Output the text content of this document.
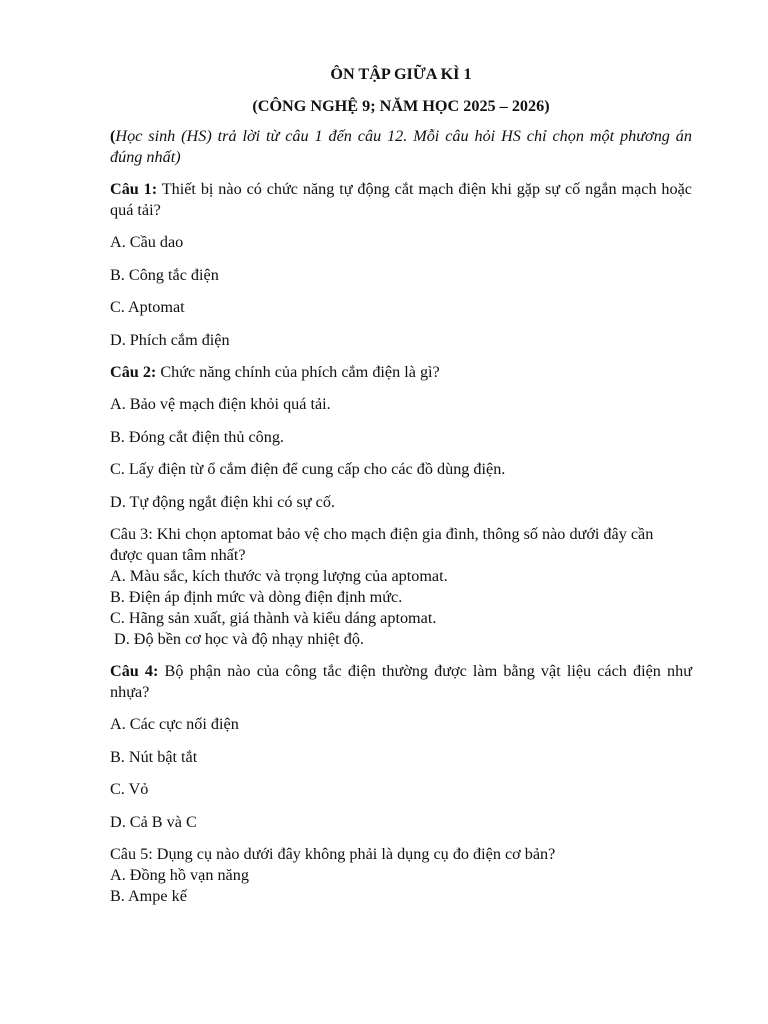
ÔN TẬP GIỮA KÌ 1

(CÔNG NGHỆ 9; NĂM HỌC 2025 – 2026)

(Học sinh (HS) trả lời từ câu 1 đến câu 12. Mỗi câu hỏi HS chỉ chọn một phương án đúng nhất)

Câu 1: Thiết bị nào có chức năng tự động cắt mạch điện khi gặp sự cố ngắn mạch hoặc quá tải?

A. Cầu dao

B. Công tắc điện

C. Aptomat

D. Phích cắm điện

Câu 2: Chức năng chính của phích cắm điện là gì?

A. Bảo vệ mạch điện khỏi quá tải.

B. Đóng cắt điện thủ công.

C. Lấy điện từ ổ cắm điện để cung cấp cho các đồ dùng điện.

D. Tự động ngắt điện khi có sự cố.

Câu 3: Khi chọn aptomat bảo vệ cho mạch điện gia đình, thông số nào dưới đây cần

được quan tâm nhất?

A. Màu sắc, kích thước và trọng lượng của aptomat.

B. Điện áp định mức và dòng điện định mức.

C. Hãng sản xuất, giá thành và kiểu dáng aptomat.

D. Độ bền cơ học và độ nhạy nhiệt độ.

Câu 4: Bộ phận nào của công tắc điện thường được làm bằng vật liệu cách điện như nhựa?

A. Các cực nối điện

B. Nút bật tắt

C. Vỏ

D. Cả B và C

Câu 5: Dụng cụ nào dưới đây không phải là dụng cụ đo điện cơ bản?

A. Đồng hồ vạn năng

B. Ampe kế
